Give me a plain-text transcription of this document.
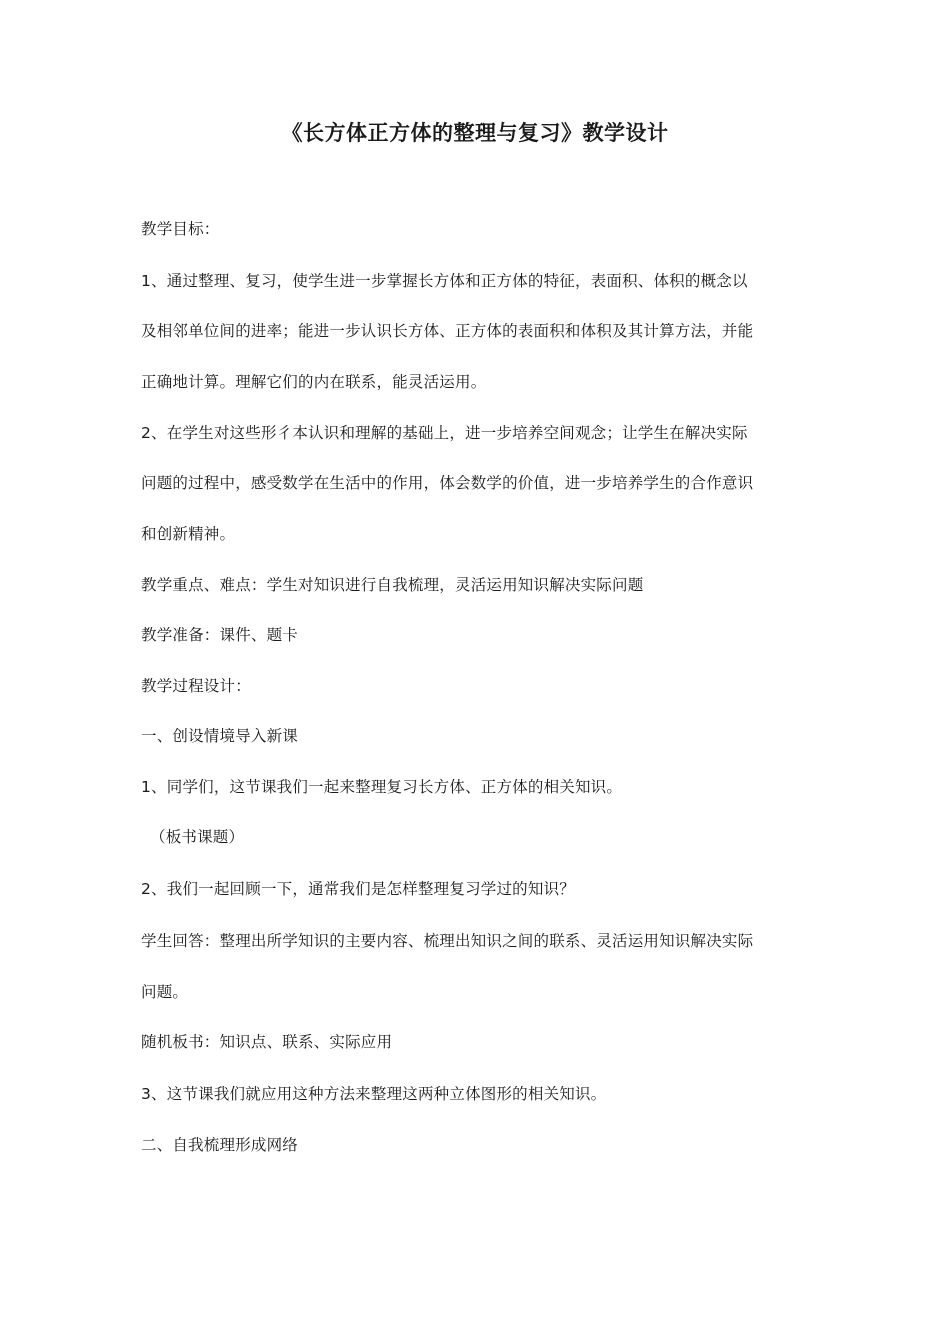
《长方体正方体的整理与复习》教学设计
教学目标：
1、通过整理、复习，使学生进一步掌握长方体和正方体的特征，表面积、体积的概念以
及相邻单位间的进率；能进一步认识长方体、正方体的表面积和体积及其计算方法，并能
正确地计算。理解它们的内在联系，能灵活运用。
2、在学生对这些形彳本认识和理解的基础上，进一步培养空间观念；让学生在解决实际
问题的过程中，感受数学在生活中的作用，体会数学的价值，进一步培养学生的合作意识
和创新精神。
教学重点、难点：学生对知识进行自我梳理，灵活运用知识解决实际问题
教学准备：课件、题卡
教学过程设计：
一、创设情境导入新课
1、同学们，这节课我们一起来整理复习长方体、正方体的相关知识。
（板书课题）
2、我们一起回顾一下，通常我们是怎样整理复习学过的知识？
学生回答：整理出所学知识的主要内容、梳理出知识之间的联系、灵活运用知识解决实际
问题。
随机板书：知识点、联系、实际应用
3、这节课我们就应用这种方法来整理这两种立体图形的相关知识。
二、自我梳理形成网络
